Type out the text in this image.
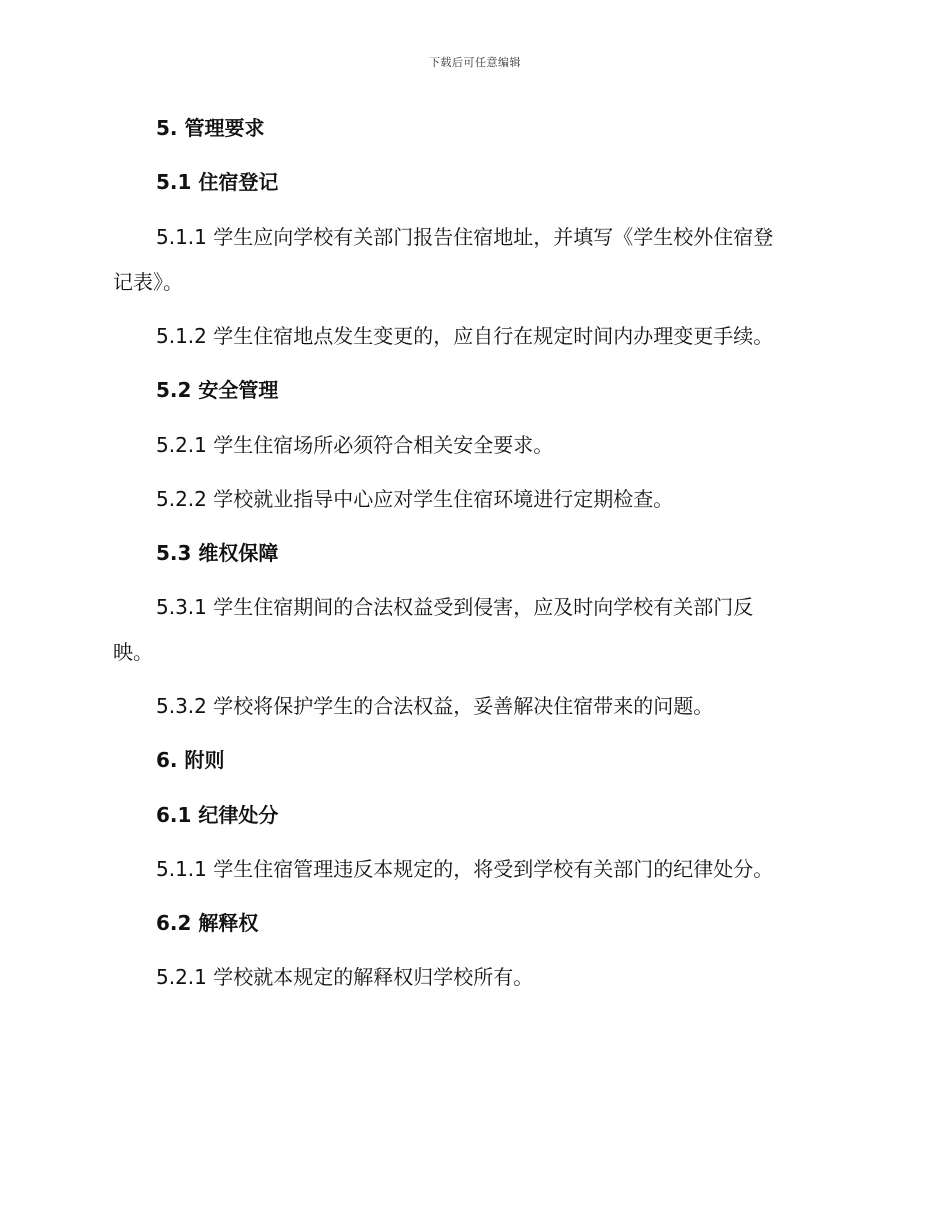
下载后可任意编辑
5. 管理要求
5.1 住宿登记
5.1.1 学生应向学校有关部门报告住宿地址，并填写《学生校外住宿登
记表》。
5.1.2 学生住宿地点发生变更的，应自行在规定时间内办理变更手续。
5.2 安全管理
5.2.1 学生住宿场所必须符合相关安全要求。
5.2.2 学校就业指导中心应对学生住宿环境进行定期检查。
5.3 维权保障
5.3.1 学生住宿期间的合法权益受到侵害，应及时向学校有关部门反
映。
5.3.2 学校将保护学生的合法权益，妥善解决住宿带来的问题。
6. 附则
6.1 纪律处分
5.1.1 学生住宿管理违反本规定的，将受到学校有关部门的纪律处分。
6.2 解释权
5.2.1 学校就本规定的解释权归学校所有。
